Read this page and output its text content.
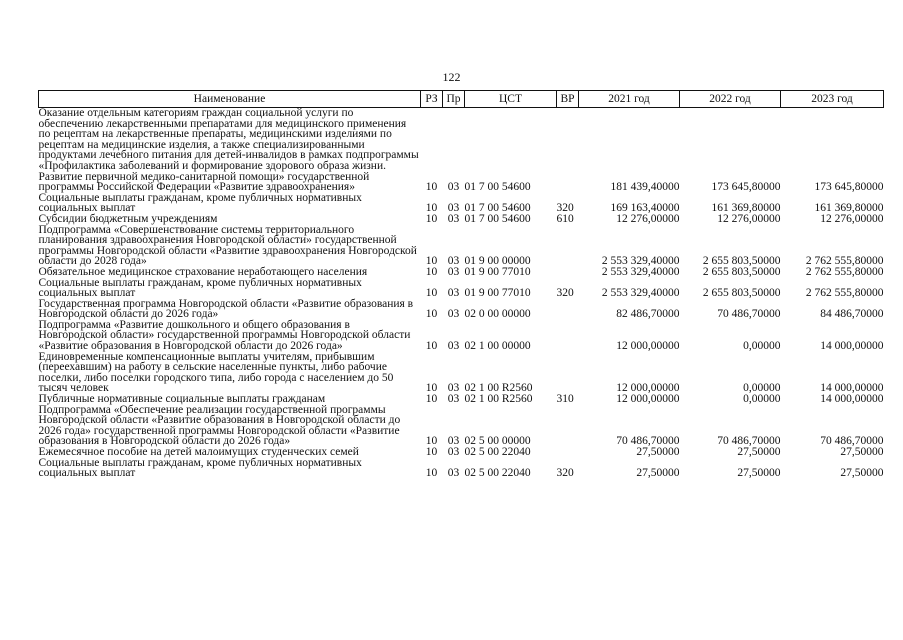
122
Наименование	РЗ	Пр	ЦСТ	ВР	2021 год	2022 год	2023 год
Оказание отдельным категориям граждан социальной услуги по обеспечению лекарственными препаратами для медицинского применения по рецептам на лекарственные препараты, медицинскими изделиями по рецептам на медицинские изделия, а также специализированными продуктами лечебного питания для детей-инвалидов в рамках подпрограммы «Профилактика заболеваний и формирование здорового образа жизни. Развитие первичной медико-санитарной помощи» государственной программы Российской Федерации «Развитие здравоохранения»	10	03	01 7 00 54600		181 439,40000	173 645,80000	173 645,80000
Социальные выплаты гражданам, кроме публичных нормативных социальных выплат	10	03	01 7 00 54600	320	169 163,40000	161 369,80000	161 369,80000
Субсидии бюджетным учреждениям	10	03	01 7 00 54600	610	12 276,00000	12 276,00000	12 276,00000
Подпрограмма «Совершенствование системы территориального планирования здравоохранения Новгородской области» государственной программы Новгородской области «Развитие здравоохранения Новгородской области до 2028 года»	10	03	01 9 00 00000		2 553 329,40000	2 655 803,50000	2 762 555,80000
Обязательное медицинское страхование неработающего населения	10	03	01 9 00 77010		2 553 329,40000	2 655 803,50000	2 762 555,80000
Социальные выплаты гражданам, кроме публичных нормативных социальных выплат	10	03	01 9 00 77010	320	2 553 329,40000	2 655 803,50000	2 762 555,80000
Государственная программа Новгородской области «Развитие образования в Новгородской области до 2026 года»	10	03	02 0 00 00000		82 486,70000	70 486,70000	84 486,70000
Подпрограмма «Развитие дошкольного и общего образования в Новгородской области» государственной программы Новгородской области «Развитие образования в Новгородской области до 2026 года»	10	03	02 1 00 00000		12 000,00000	0,00000	14 000,00000
Единовременные компенсационные выплаты учителям, прибывшим (переехавшим) на работу в сельские населенные пункты, либо рабочие поселки, либо поселки городского типа, либо города с населением до 50 тысяч человек	10	03	02 1 00 R2560		12 000,00000	0,00000	14 000,00000
Публичные нормативные социальные выплаты гражданам	10	03	02 1 00 R2560	310	12 000,00000	0,00000	14 000,00000
Подпрограмма «Обеспечение реализации государственной программы Новгородской области «Развитие образования в Новгородской области до 2026 года» государственной программы Новгородской области «Развитие образования в Новгородской области до 2026 года»	10	03	02 5 00 00000		70 486,70000	70 486,70000	70 486,70000
Ежемесячное пособие на детей малоимущих студенческих семей	10	03	02 5 00 22040		27,50000	27,50000	27,50000
Социальные выплаты гражданам, кроме публичных нормативных социальных выплат	10	03	02 5 00 22040	320	27,50000	27,50000	27,50000
